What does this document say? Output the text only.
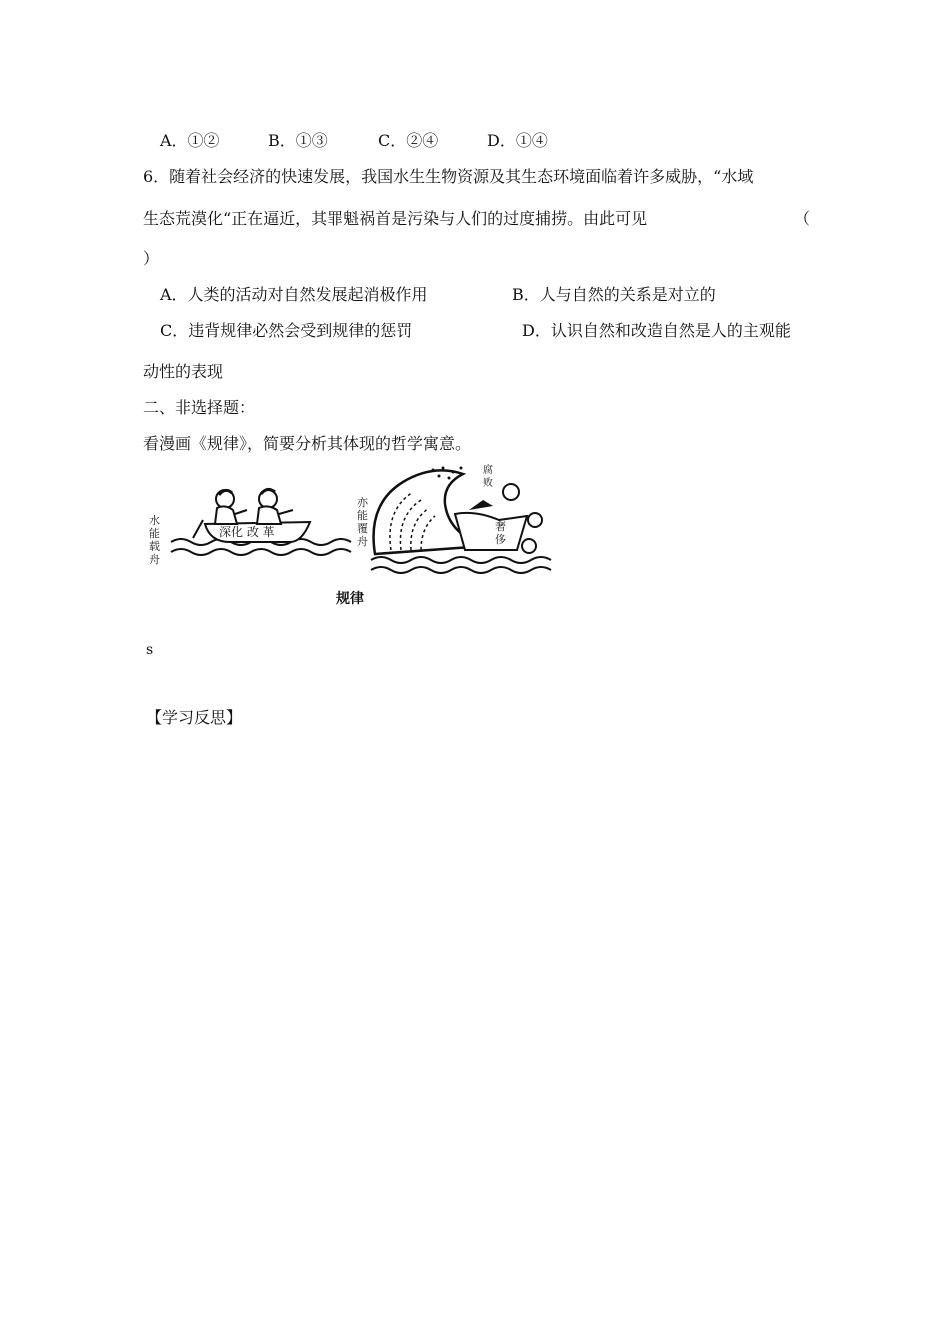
A．①②	B．①③	C．②④	D．①④
6．随着社会经济的快速发展，我国水生生物资源及其生态环境面临着许多威胁，“水域
生态荒漠化“正在逼近，其罪魁祸首是污染与人们的过度捕捞。由此可见	（
）
A．人类的活动对自然发展起消极作用	B．人与自然的关系是对立的
C．违背规律必然会受到规律的惩罚	D．认识自然和改造自然是人的主观能
动性的表现
二、非选择题：
看漫画《规律》，简要分析其体现的哲学寓意。
水能载舟
深化 改 革
亦能覆舟
腐败
奢侈
规律
s
【学习反思】
